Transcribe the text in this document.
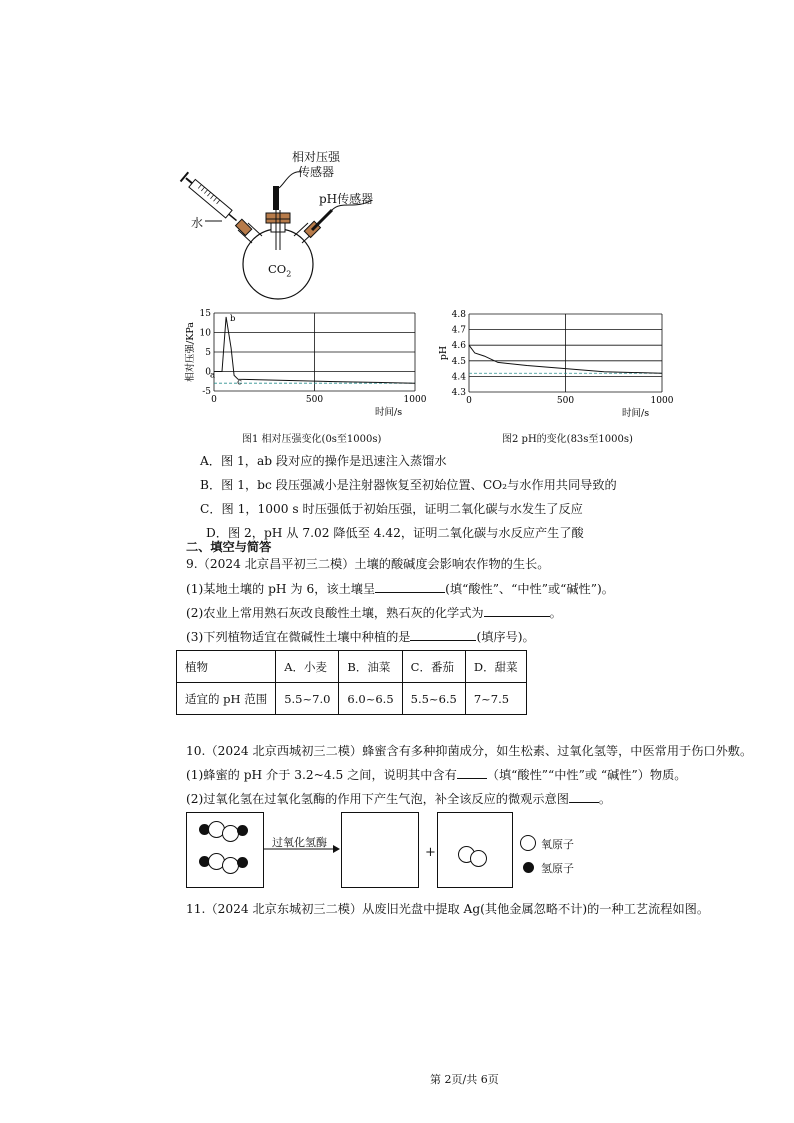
相对压强
传感器
pH传感器
水
$CO_2$
15
10
5
0
-5
0	500	1000
时间/s
相对压强/KPa a
b
c
图1 相对压强变化(0s至1000s)
4.8
4.7
4.6
4.5
4.4
4.3
0	500	1000
时间/s
pH
图2 pH的变化(83s至1000s)
A．图 1，ab 段对应的操作是迅速注入蒸馏水
B．图 1，bc 段压强减小是注射器恢复至初始位置、CO₂与水作用共同导致的
C．图 1，1000 s 时压强低于初始压强，证明二氧化碳与水发生了反应
D．图 2，pH 从 7.02 降低至 4.42，证明二氧化碳与水反应产生了酸
二、填空与简答
9.（2024 北京昌平初三二模）土壤的酸碱度会影响农作物的生长。
(1)某地土壤的 pH 为 6，该土壤呈	(填“酸性”、“中性”或“碱性”)。
(2)农业上常用熟石灰改良酸性土壤，熟石灰的化学式为	。
(3)下列植物适宜在微碱性土壤中种植的是	(填序号)。
植物	A．小麦	B．油菜	C．番茄	D．甜菜
适宜的 pH 范围	5.5~7.0	6.0~6.5	5.5~6.5	7~7.5
10.（2024 北京西城初三二模）蜂蜜含有多种抑菌成分，如生松素、过氧化氢等，中医常用于伤口外敷。
(1)蜂蜜的 pH 介于 3.2~4.5 之间，说明其中含有 （填“酸性”“中性”或 “碱性”）物质。
(2)过氧化氢在过氧化氢酶的作用下产生气泡，补全该反应的微观示意图 。
过氧化氢酶
+
氧原子
氢原子
11.（2024 北京东城初三二模）从废旧光盘中提取 Ag(其他金属忽略不计)的一种工艺流程如图。
第 2页/共 6页
